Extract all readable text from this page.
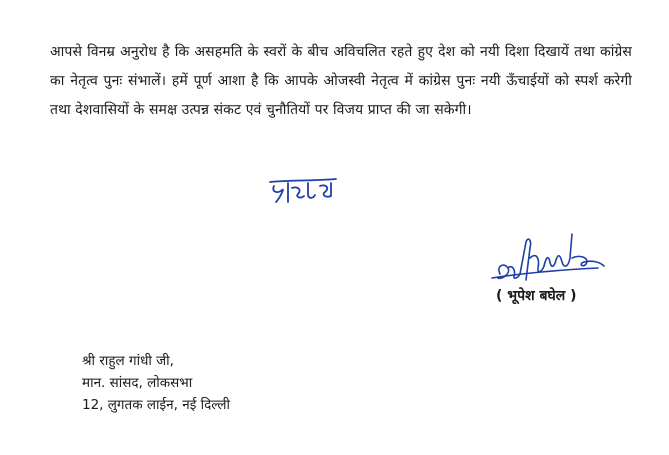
आपसे विनम्र अनुरोध है कि असहमति के स्वरों के बीच अविचलित रहते हुए देश को नयी दिशा दिखायें तथा कांग्रेस का नेतृत्व पुनः संभालें। हमें पूर्ण आशा है कि आपके ओजस्वी नेतृत्व में कांग्रेस पुनः नयी ऊँचाईयों को स्पर्श करेगी तथा देशवासियों के समक्ष उत्पन्न संकट एवं चुनौतियों पर विजय प्राप्त की जा सकेगी।
( भूपेश बघेल )
श्री राहुल गांधी जी,
मान. सांसद, लोकसभा
12, लुगतक लाईन, नई दिल्ली
